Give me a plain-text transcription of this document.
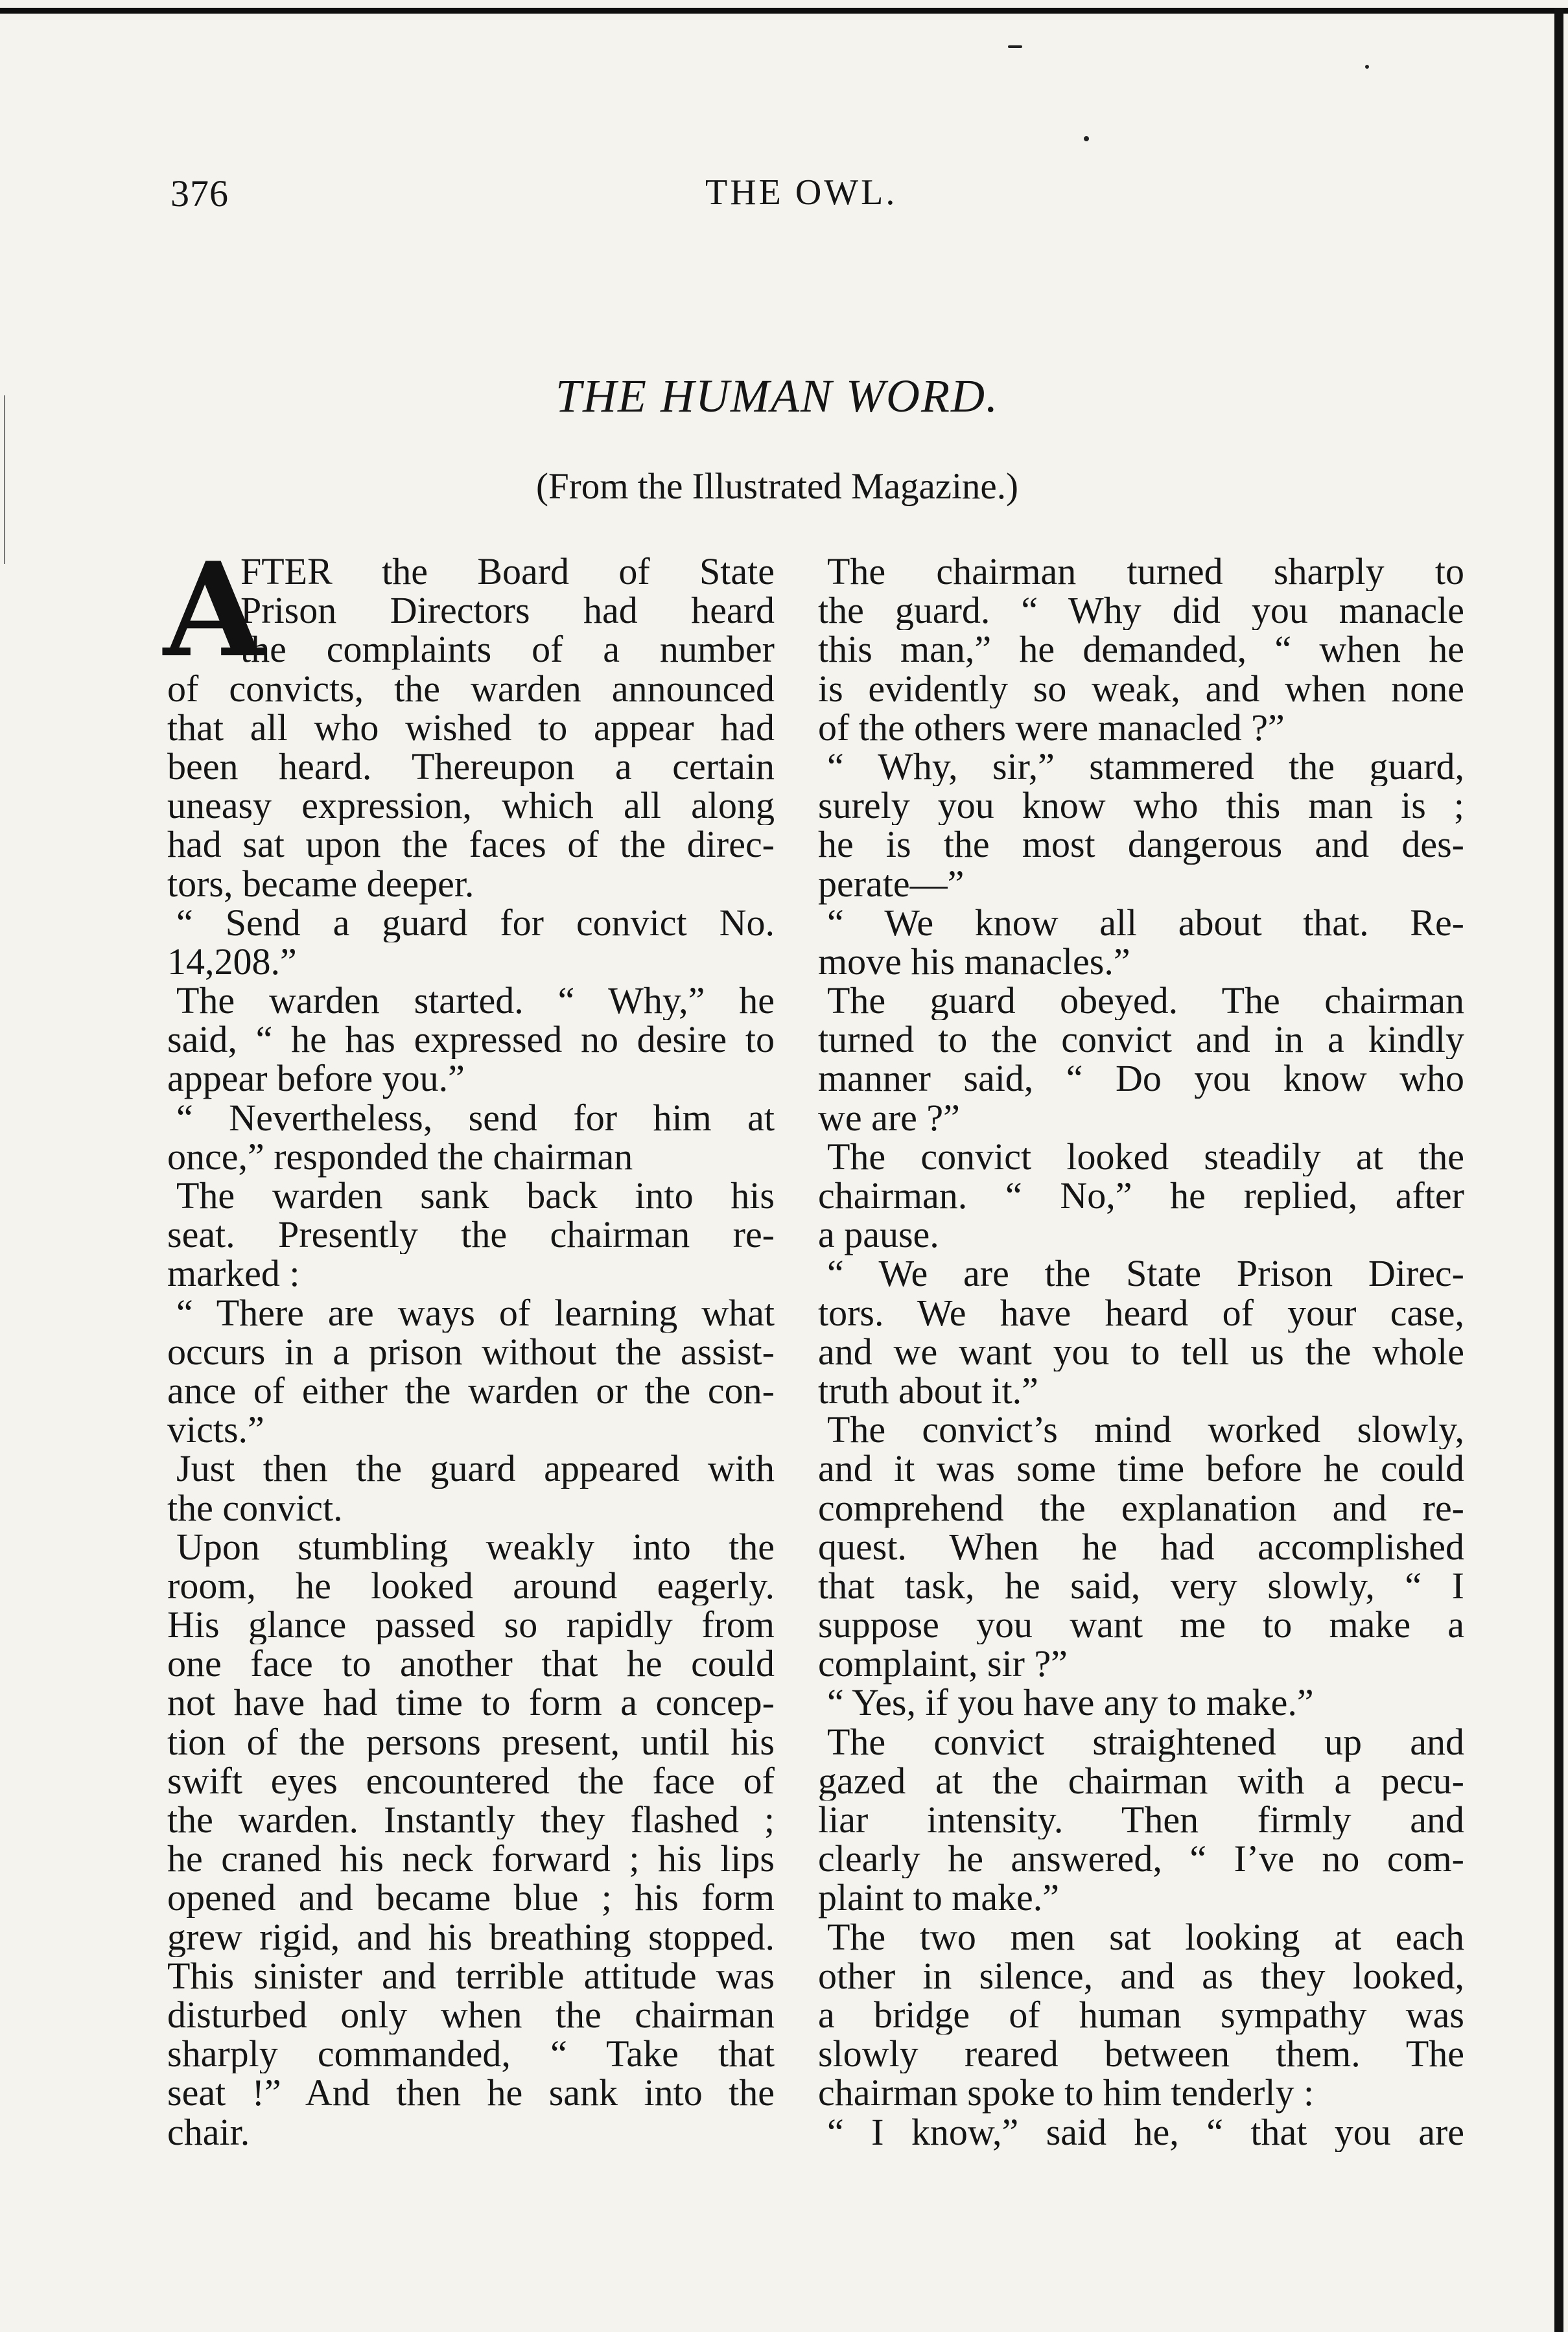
376	THE OWL.
THE HUMAN WORD.
(From the Illustrated Magazine.)
A
FTER the Board of State
Prison Directors had heard
the complaints of a number
of convicts, the warden announced
that all who wished to appear had
been heard. Thereupon a certain
uneasy expression, which all along
had sat upon the faces of the direc-
tors, became deeper.
“ Send a guard for convict No.
14,208.”
The warden started. “ Why,” he
said, “ he has expressed no desire to
appear before you.”
“ Nevertheless, send for him at
once,” responded the chairman
The warden sank back into his
seat. Presently the chairman re-
marked :
“ There are ways of learning what
occurs in a prison without the assist-
ance of either the warden or the con-
victs.”
Just then the guard appeared with
the convict.
Upon stumbling weakly into the
room, he looked around eagerly.
His glance passed so rapidly from
one face to another that he could
not have had time to form a concep-
tion of the persons present, until his
swift eyes encountered the face of
the warden. Instantly they flashed ;
he craned his neck forward ; his lips
opened and became blue ; his form
grew rigid, and his breathing stopped.
This sinister and terrible attitude was
disturbed only when the chairman
sharply commanded, “ Take that
seat !” And then he sank into the
chair.
The chairman turned sharply to
the guard. “ Why did you manacle
this man,” he demanded, “ when he
is evidently so weak, and when none
of the others were manacled ?”
“ Why, sir,” stammered the guard,
surely you know who this man is ;
he is the most dangerous and des-
perate—”
“ We know all about that. Re-
move his manacles.”
The guard obeyed. The chairman
turned to the convict and in a kindly
manner said, “ Do you know who
we are ?”
The convict looked steadily at the
chairman. “ No,” he replied, after
a pause.
“ We are the State Prison Direc-
tors. We have heard of your case,
and we want you to tell us the whole
truth about it.”
The convict’s mind worked slowly,
and it was some time before he could
comprehend the explanation and re-
quest. When he had accomplished
that task, he said, very slowly, “ I
suppose you want me to make a
complaint, sir ?”
“ Yes, if you have any to make.”
The convict straightened up and
gazed at the chairman with a pecu-
liar intensity. Then firmly and
clearly he answered, “ I’ve no com-
plaint to make.”
The two men sat looking at each
other in silence, and as they looked,
a bridge of human sympathy was
slowly reared between them. The
chairman spoke to him tenderly :
“ I know,” said he, “ that you are
